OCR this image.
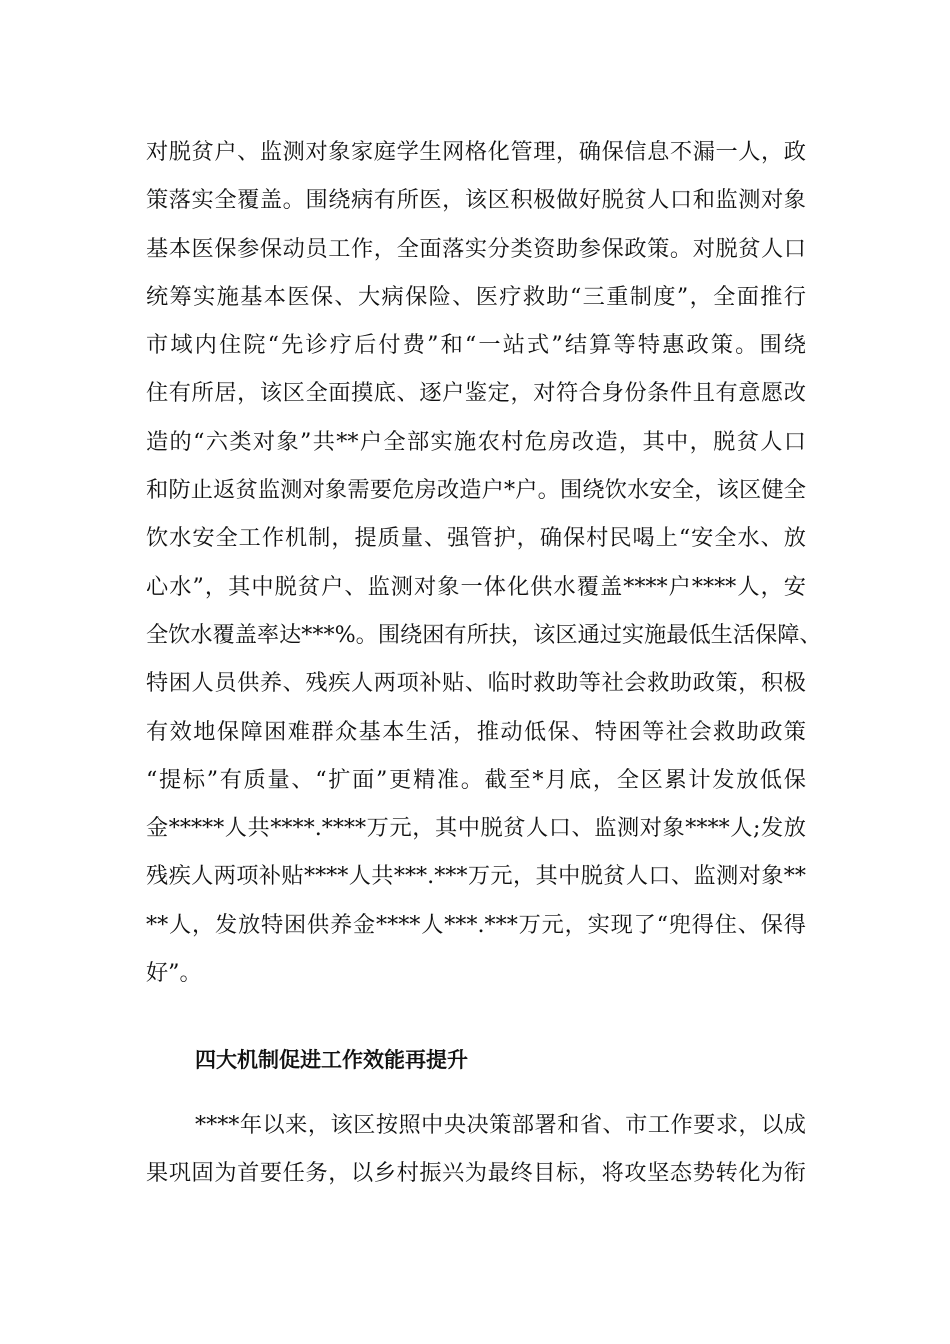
对脱贫户、监测对象家庭学生网格化管理，确保信息不漏一人，政
策落实全覆盖。围绕病有所医，该区积极做好脱贫人口和监测对象
基本医保参保动员工作，全面落实分类资助参保政策。对脱贫人口
统筹实施基本医保、大病保险、医疗救助“三重制度”，全面推行
市域内住院“先诊疗后付费”和“一站式”结算等特惠政策。围绕
住有所居，该区全面摸底、逐户鉴定，对符合身份条件且有意愿改
造的“六类对象”共**户全部实施农村危房改造，其中，脱贫人口
和防止返贫监测对象需要危房改造户*户。围绕饮水安全，该区健全
饮水安全工作机制，提质量、强管护，确保村民喝上“安全水、放
心水”，其中脱贫户、监测对象一体化供水覆盖****户****人，安
全饮水覆盖率达***%。围绕困有所扶，该区通过实施最低生活保障、
特困人员供养、残疾人两项补贴、临时救助等社会救助政策，积极
有效地保障困难群众基本生活，推动低保、特困等社会救助政策
“提标”有质量、“扩面”更精准。截至*月底，全区累计发放低保
金*****人共****.****万元，其中脱贫人口、监测对象****人;发放
残疾人两项补贴****人共***.***万元，其中脱贫人口、监测对象**
**人，发放特困供养金****人***.***万元，实现了“兜得住、保得
好”。
四大机制促进工作效能再提升
****年以来，该区按照中央决策部署和省、市工作要求，以成
果巩固为首要任务，以乡村振兴为最终目标，将攻坚态势转化为衔
